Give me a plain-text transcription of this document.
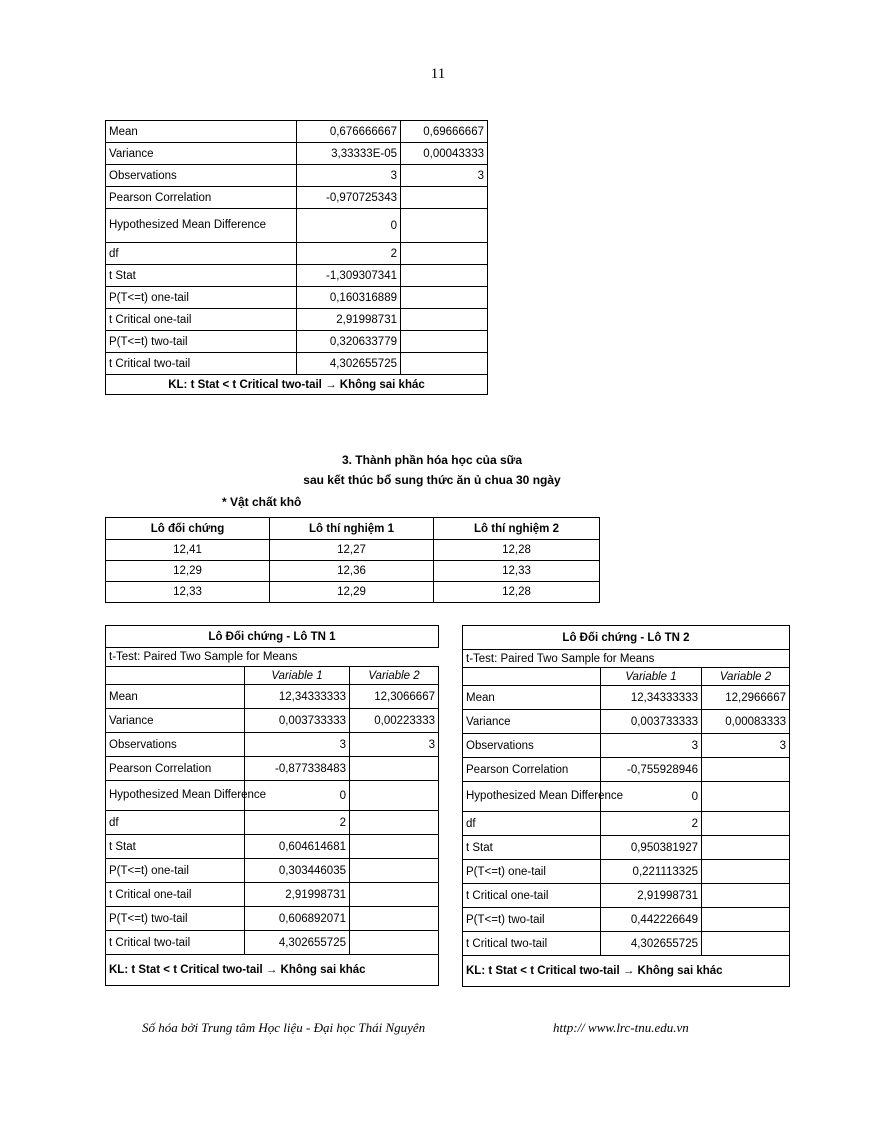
11
Mean	0,676666667	0,69666667
Variance	3,33333E-05	0,00043333
Observations	3	3
Pearson Correlation	-0,970725343	
Hypothesized Mean Difference	0	
df	2	
t Stat	-1,309307341	
P(T<=t) one-tail	0,160316889	
t Critical one-tail	2,91998731	
P(T<=t) two-tail	0,320633779	
t Critical two-tail	4,302655725	
KL: t Stat < t Critical two-tail → Không sai khác		
3. Thành phần hóa học của sữa
sau kết thúc bổ sung thức ăn ủ chua 30 ngày
* Vật chất khô
Lô đối chứng	Lô thí nghiệm 1	Lô thí nghiệm 2
12,41	12,27	12,28
12,29	12,36	12,33
12,33	12,29	12,28
Lô Đối chứng - Lô TN 1		
t-Test: Paired Two Sample for Means		
	Variable 1	Variable 2
Mean	12,34333333	12,3066667
Variance	0,003733333	0,00223333
Observations	3	3
Pearson Correlation	-0,877338483	
Hypothesized Mean Difference	0	
df	2	
t Stat	0,604614681	
P(T<=t) one-tail	0,303446035	
t Critical one-tail	2,91998731	
P(T<=t) two-tail	0,606892071	
t Critical two-tail	4,302655725	
KL: t Stat < t Critical two-tail → Không sai khác		
Lô Đối chứng - Lô TN 2		
t-Test: Paired Two Sample for Means		
	Variable 1	Variable 2
Mean	12,34333333	12,2966667
Variance	0,003733333	0,00083333
Observations	3	3
Pearson Correlation	-0,755928946	
Hypothesized Mean Difference	0	
df	2	
t Stat	0,950381927	
P(T<=t) one-tail	0,221113325	
t Critical one-tail	2,91998731	
P(T<=t) two-tail	0,442226649	
t Critical two-tail	4,302655725	
KL: t Stat < t Critical two-tail → Không sai khác		
Số hóa bởi Trung tâm Học liệu - Đại học Thái Nguyên	http:// www.lrc-tnu.edu.vn
